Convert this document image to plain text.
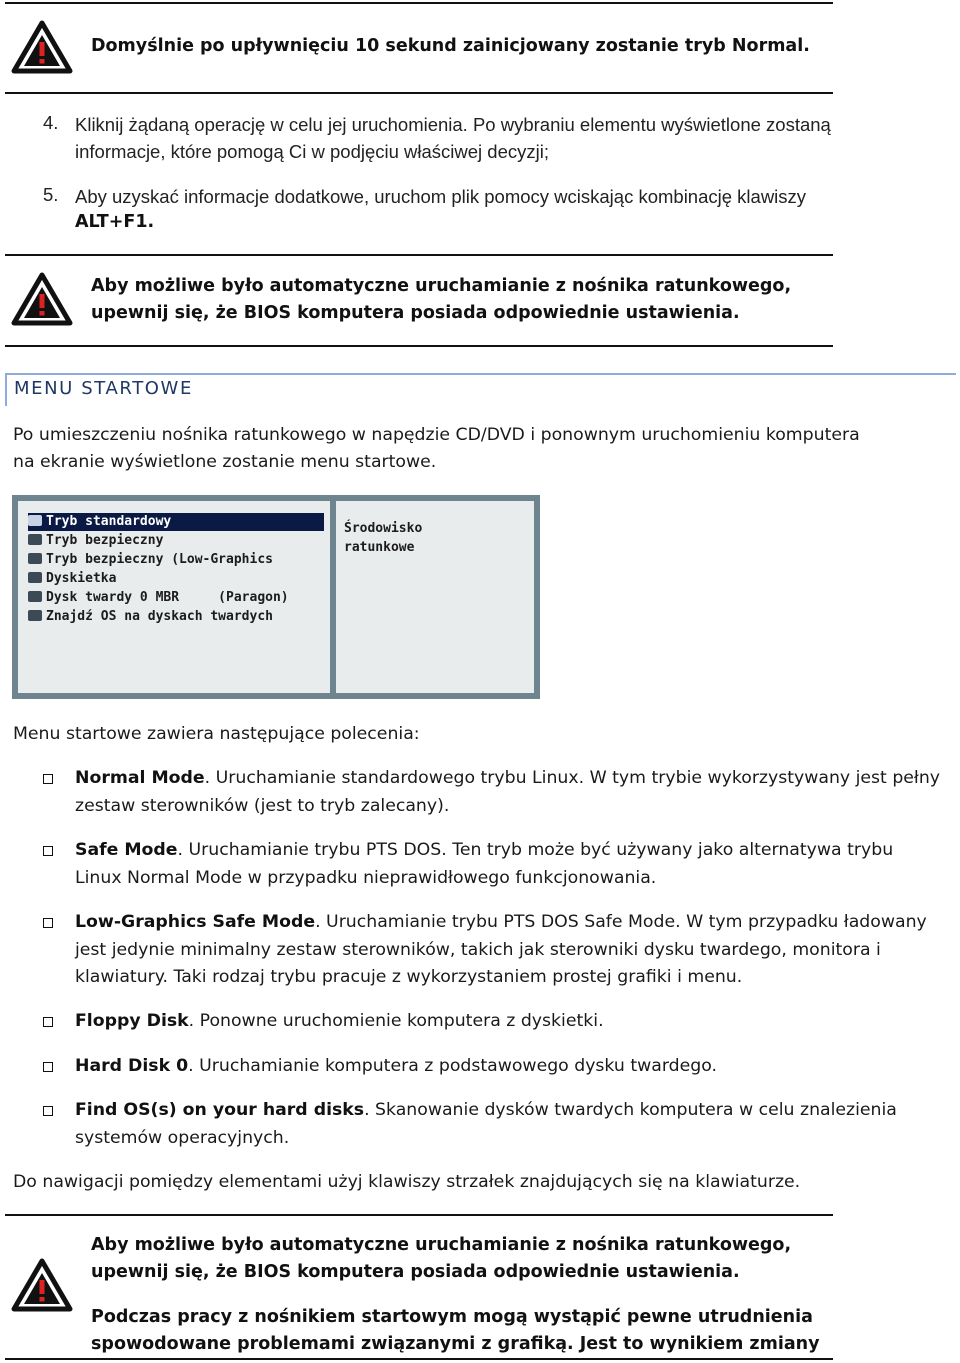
Domyślnie po upływnięciu 10 sekund zainicjowany zostanie tryb Normal.
4. Kliknij żądaną operację w celu jej uruchomienia. Po wybraniu elementu wyświetlone zostaną
informacje, które pomogą Ci w podjęciu właściwej decyzji;
5. Aby uzyskać informacje dodatkowe, uruchom plik pomocy wciskając kombinację klawiszy
ALT+F1.
Aby możliwe było automatyczne uruchamianie z nośnika ratunkowego,
upewnij się, że BIOS komputera posiada odpowiednie ustawienia.
MENU STARTOWE
Po umieszczeniu nośnika ratunkowego w napędzie CD/DVD i ponownym uruchomieniu komputera
na ekranie wyświetlone zostanie menu startowe.
Tryb standardowy
Tryb bezpieczny
Tryb bezpieczny (Low-Graphics
Dyskietka
Dysk twardy 0 MBR     (Paragon)
Znajdź OS na dyskach twardych
Środowisko
ratunkowe
Menu startowe zawiera następujące polecenia:
Normal Mode. Uruchamianie standardowego trybu Linux. W tym trybie wykorzystywany jest pełny zestaw sterowników (jest to tryb zalecany).
Safe Mode. Uruchamianie trybu PTS DOS. Ten tryb może być używany jako alternatywa trybu Linux Normal Mode w przypadku nieprawidłowego funkcjonowania.
Low-Graphics Safe Mode. Uruchamianie trybu PTS DOS Safe Mode. W tym przypadku ładowany jest jedynie minimalny zestaw sterowników, takich jak sterowniki dysku twardego, monitora i klawiatury. Taki rodzaj trybu pracuje z wykorzystaniem prostej grafiki i menu.
Floppy Disk. Ponowne uruchomienie komputera z dyskietki.
Hard Disk 0. Uruchamianie komputera z podstawowego dysku twardego.
Find OS(s) on your hard disks. Skanowanie dysków twardych komputera w celu znalezienia systemów operacyjnych.
Do nawigacji pomiędzy elementami użyj klawiszy strzałek znajdujących się na klawiaturze.
Aby możliwe było automatyczne uruchamianie z nośnika ratunkowego,
upewnij się, że BIOS komputera posiada odpowiednie ustawienia.
Podczas pracy z nośnikiem startowym mogą wystąpić pewne utrudnienia
spowodowane problemami związanymi z grafiką. Jest to wynikiem zmiany
